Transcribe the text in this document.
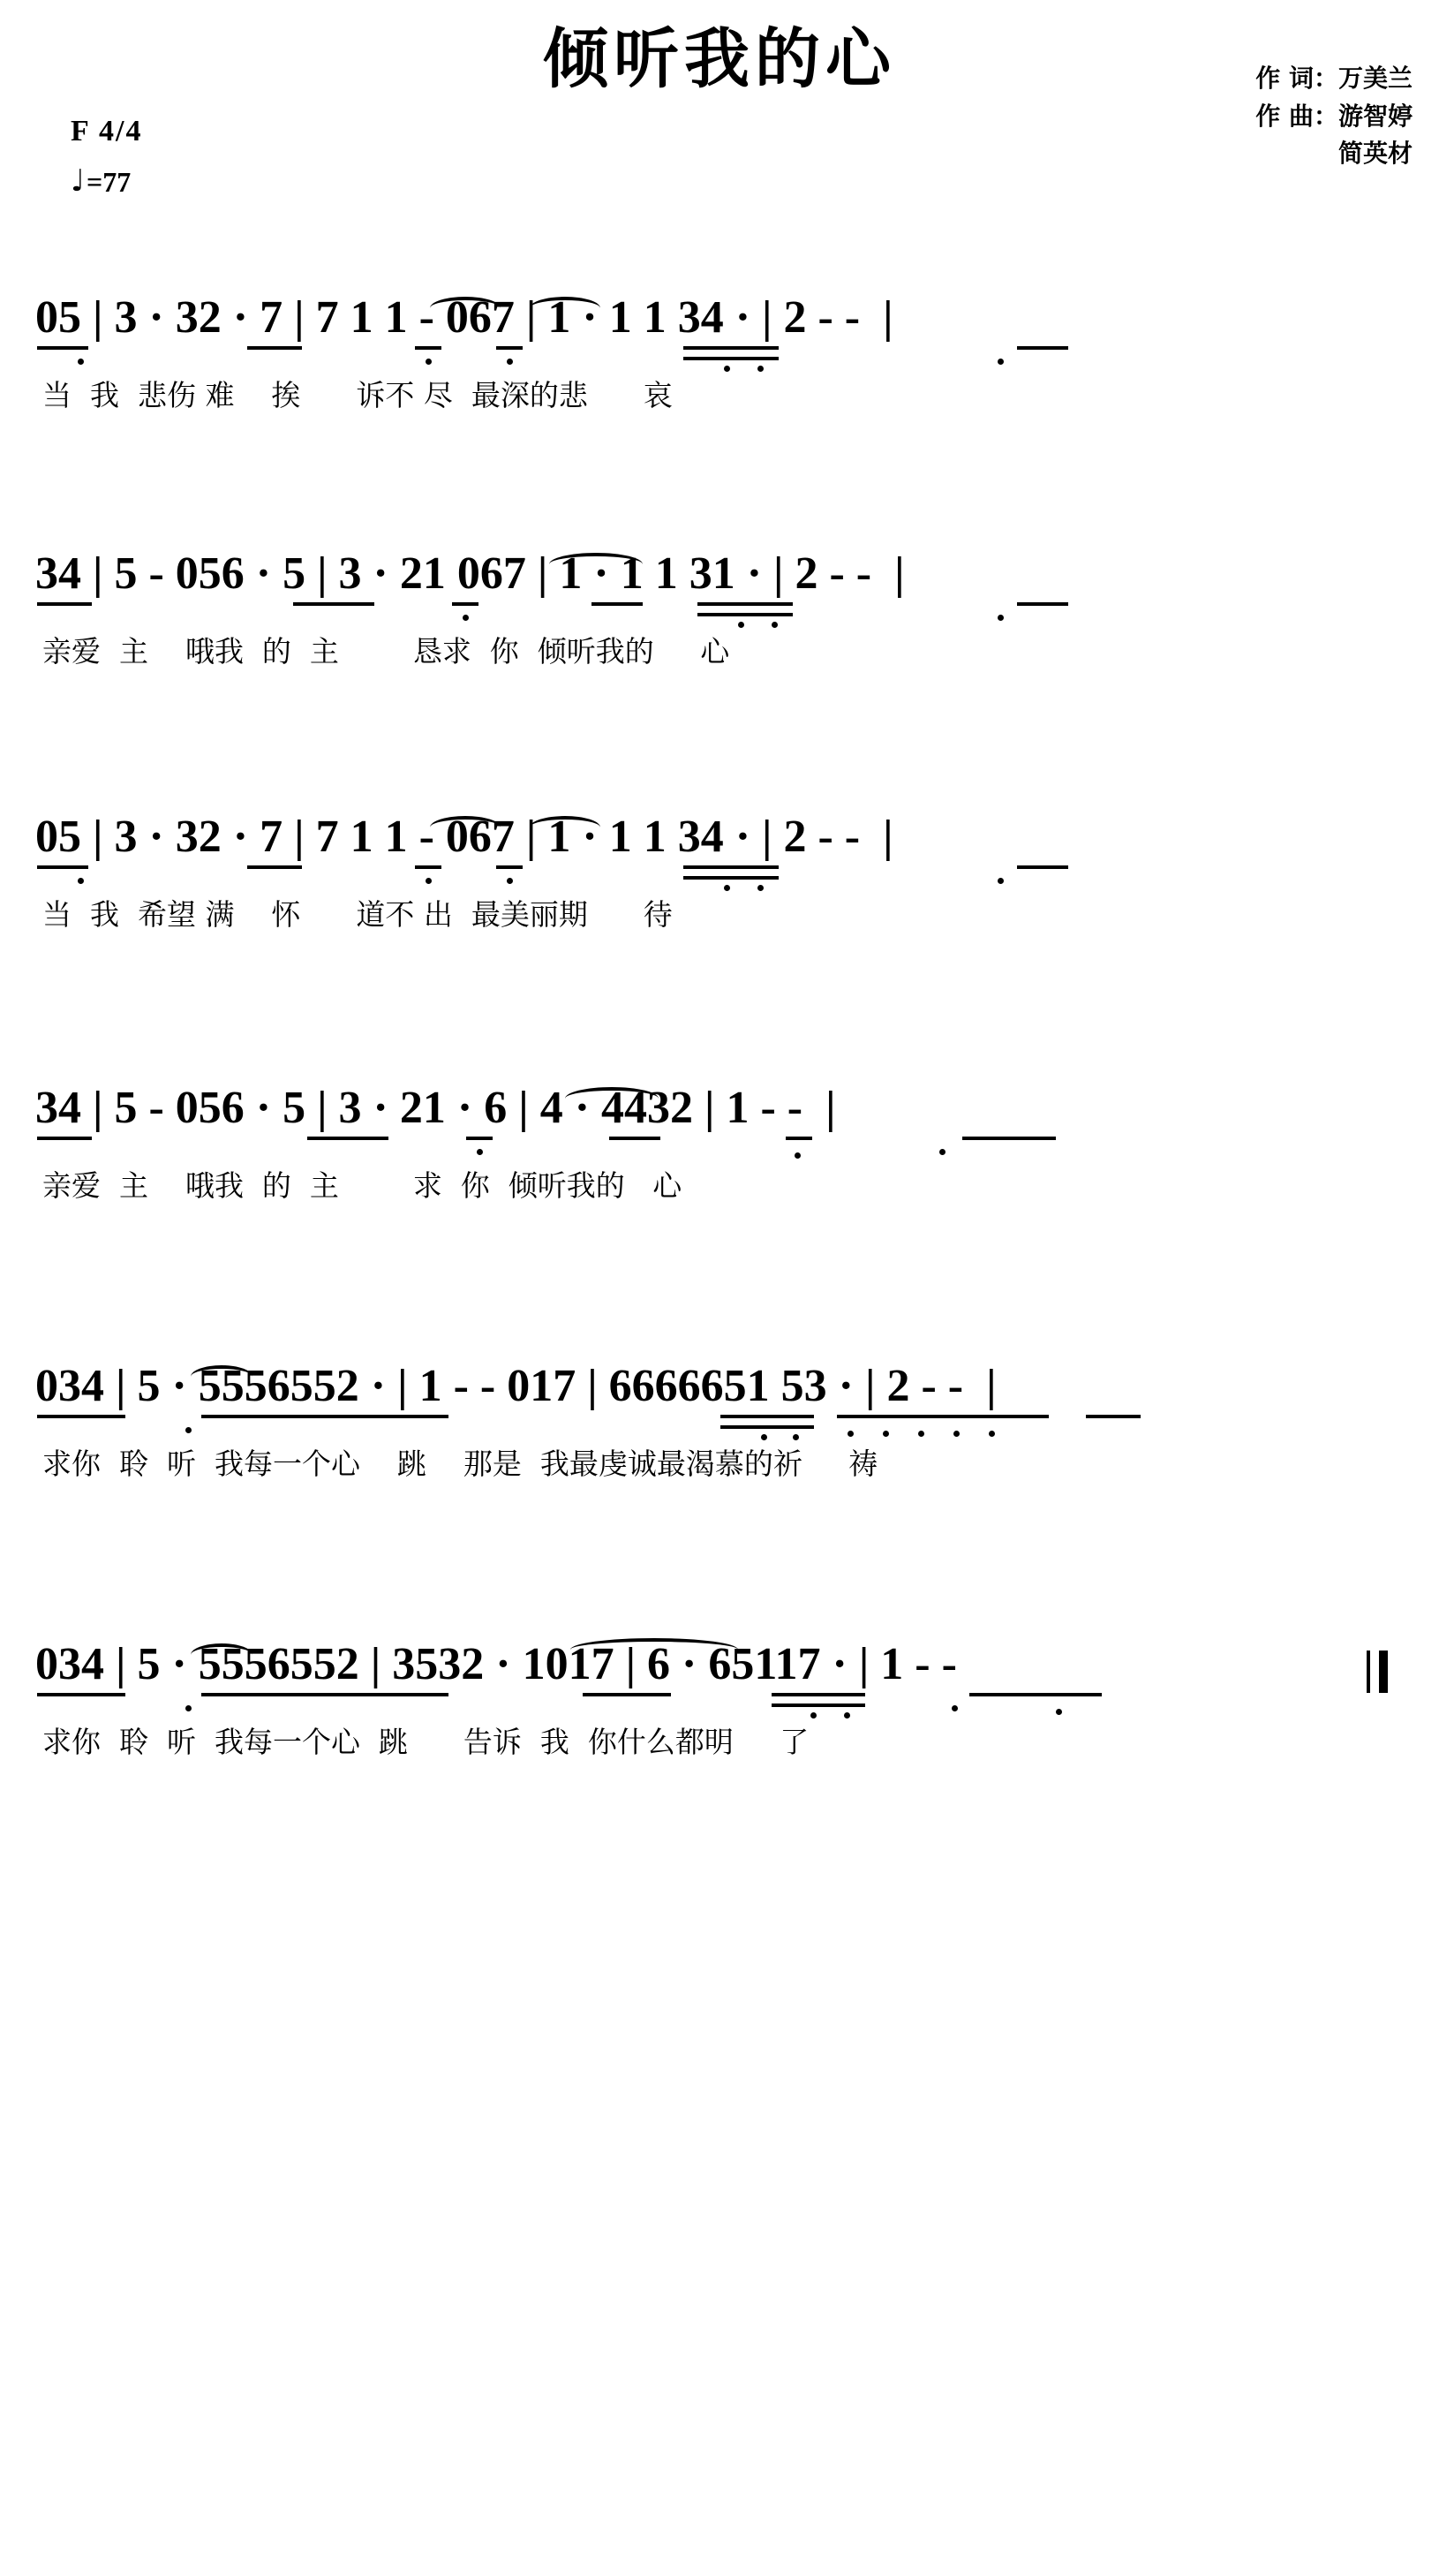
倾听我的心	作 词：万美兰
作 曲：游智婷
简英材
F 4/4
♩ =77

05 | 3 · 32 · 7 | 7 1 1 - 067 | 1 · 1 1 34 · | 2 - -  |

当  我  悲伤 难    挨      诉不 尽  最深的悲      哀

34 | 5 - 056 · 5 | 3 · 21 067 | 1 · 1 1 31 · | 2 - -  |

亲爱  主    哦我  的  主        恳求  你  倾听我的     心

05 | 3 · 32 · 7 | 7 1 1 - 067 | 1 · 1 1 34 · | 2 - -  |

当  我  希望 满    怀      道不 出  最美丽期      待

34 | 5 - 056 · 5 | 3 · 21 · 6 | 4 · 4432 | 1 - -  |

亲爱  主    哦我  的  主        求  你  倾听我的   心

034 | 5 · 5556552 · | 1 - - 017 | 6666651 53 · | 2 - -  |

求你  聆  听  我每一个心    跳    那是  我最虔诚最渴慕的祈     祷

034 | 5 · 5556552 | 3532 · 1017 | 6 · 65117 · | 1 - -

求你  聆  听  我每一个心  跳      告诉  我  你什么都明     了
